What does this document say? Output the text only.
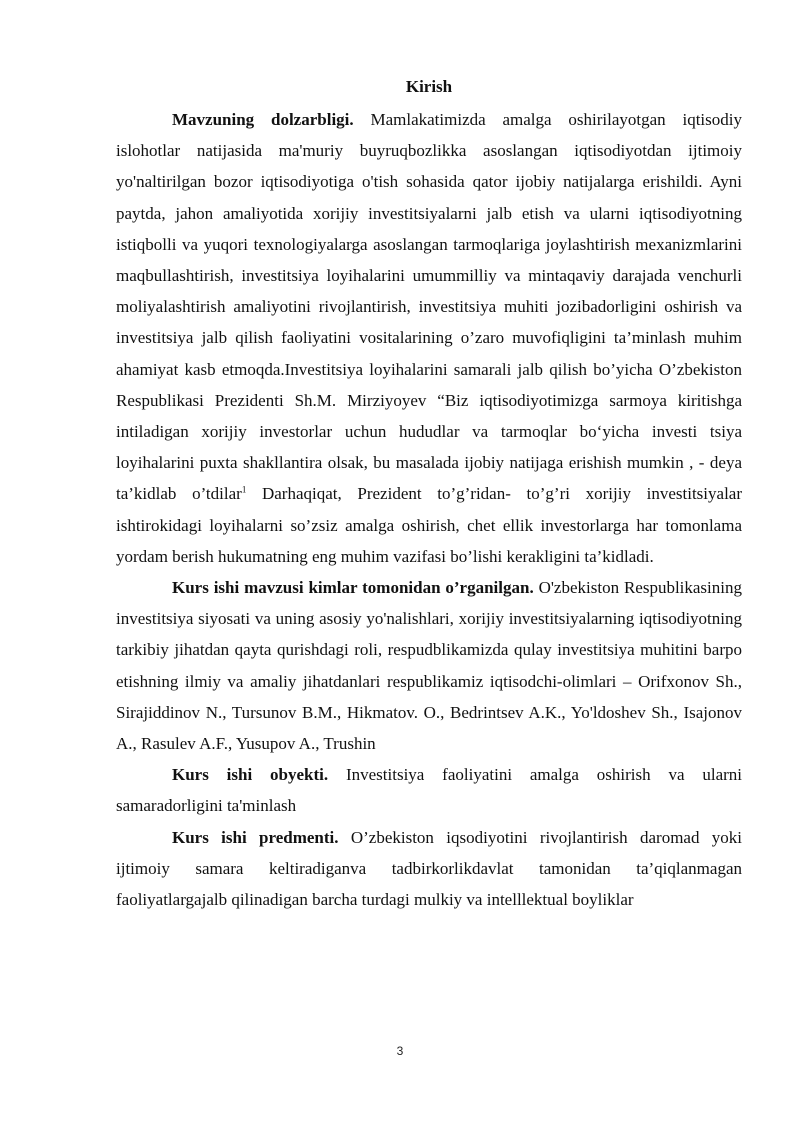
Kirish

Mavzuning dolzarbligi. Mamlakatimizda amalga oshirilayotgan iqtisodiy islohotlar natijasida ma'muriy buyruqbozlikka asoslangan iqtisodiyotdan ijtimoiy yo'naltirilgan bozor iqtisodiyotiga o'tish sohasida qator ijobiy natijalarga erishildi. Ayni paytda, jahon amaliyotida xorijiy investitsiyalarni jalb etish va ularni iqtisodiyotning istiqbolli va yuqori texnologiyalarga asoslangan tarmoqlariga joylashtirish mexanizmlarini maqbullashtirish, investitsiya loyihalarini umummilliy va mintaqaviy darajada venchurli moliyalashtirish amaliyotini rivojlantirish, investitsiya muhiti jozibadorligini oshirish va investitsiya jalb qilish faoliyatini vositalarining o’zaro muvofiqligini ta’minlash muhim ahamiyat kasb etmoqda.Investitsiya loyihalarini samarali jalb qilish bo’yicha O’zbekiston Respublikasi Prezidenti Sh.M. Mirziyoyev “Biz iqtisodiyotimizga sarmoya kiritishga intiladigan xorijiy investorlar uchun hududlar va tarmoqlar bo‘yicha investi tsiya loyihalarini puxta shakllantira olsak, bu masalada ijobiy natijaga erishish mumkin , - deya ta’kidlab o’tdilar$^1$ Darhaqiqat, Prezident to’g’ridan- to’g’ri xorijiy investitsiyalar ishtirokidagi loyihalarni so’zsiz amalga oshirish, chet ellik investorlarga har tomonlama yordam berish hukumatning eng muhim vazifasi bo’lishi kerakligini ta’kidladi.

Kurs ishi mavzusi kimlar tomonidan o’rganilgan. O'zbekiston Respublikasining investitsiya siyosati va uning asosiy yo'nalishlari, xorijiy investitsiyalarning iqtisodiyotning tarkibiy jihatdan qayta qurishdagi roli, respudblikamizda qulay investitsiya muhitini barpo etishning ilmiy va amaliy jihatdanlari respublikamiz iqtisodchi-olimlari – Orifxonov Sh., Sirajiddinov N., Tursunov B.M., Hikmatov. O., Bedrintsev A.K., Yo'ldoshev Sh., Isajonov A., Rasulev A.F., Yusupov A., Trushin

Kurs ishi obyekti. Investitsiya faoliyatini amalga oshirish va ularni samaradorligini ta'minlash

Kurs ishi predmenti. O’zbekiston iqsodiyotini rivojlantirish daromad yoki ijtimoiy samara keltiradiganva tadbirkorlikdavlat tamonidan ta’qiqlanmagan faoliyatlargajalb qilinadigan barcha turdagi mulkiy va intelllektual boyliklar

3
